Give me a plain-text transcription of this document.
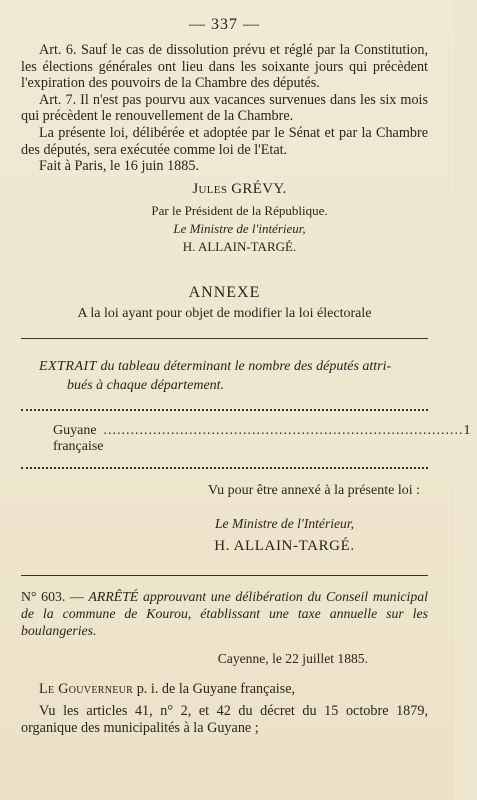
— 337 —

Art. 6. Sauf le cas de dissolution prévu et réglé par la Constitution, les élections générales ont lieu dans les soixante jours qui précèdent l'expiration des pouvoirs de la Chambre des députés.

Art. 7. Il n'est pas pourvu aux vacances survenues dans les six mois qui précèdent le renouvellement de la Chambre.

La présente loi, délibérée et adoptée par le Sénat et par la Chambre des députés, sera exécutée comme loi de l'Etat.

Fait à Paris, le 16 juin 1885.

Jules GRÉVY.
Par le Président de la République.
Le Ministre de l'intérieur,
H. ALLAIN-TARGÉ.
ANNEXE
A la loi ayant pour objet de modifier la loi électorale
EXTRAIT du tableau déterminant le nombre des députés attri-
bués à chaque département.
Guyane française
................................................................................ 1
Vu pour être annexé à la présente loi :
Le Ministre de l'Intérieur,
H. ALLAIN-TARGÉ.

N° 603. — ARRÊTÉ approuvant une délibération du Conseil municipal de la commune de Kourou, établissant une taxe annuelle sur les boulangeries.

Cayenne, le 22 juillet 1885.

Le Gouverneur p. i. de la Guyane française,

Vu les articles 41, n° 2, et 42 du décret du 15 octobre 1879, organique des municipalités à la Guyane ;
